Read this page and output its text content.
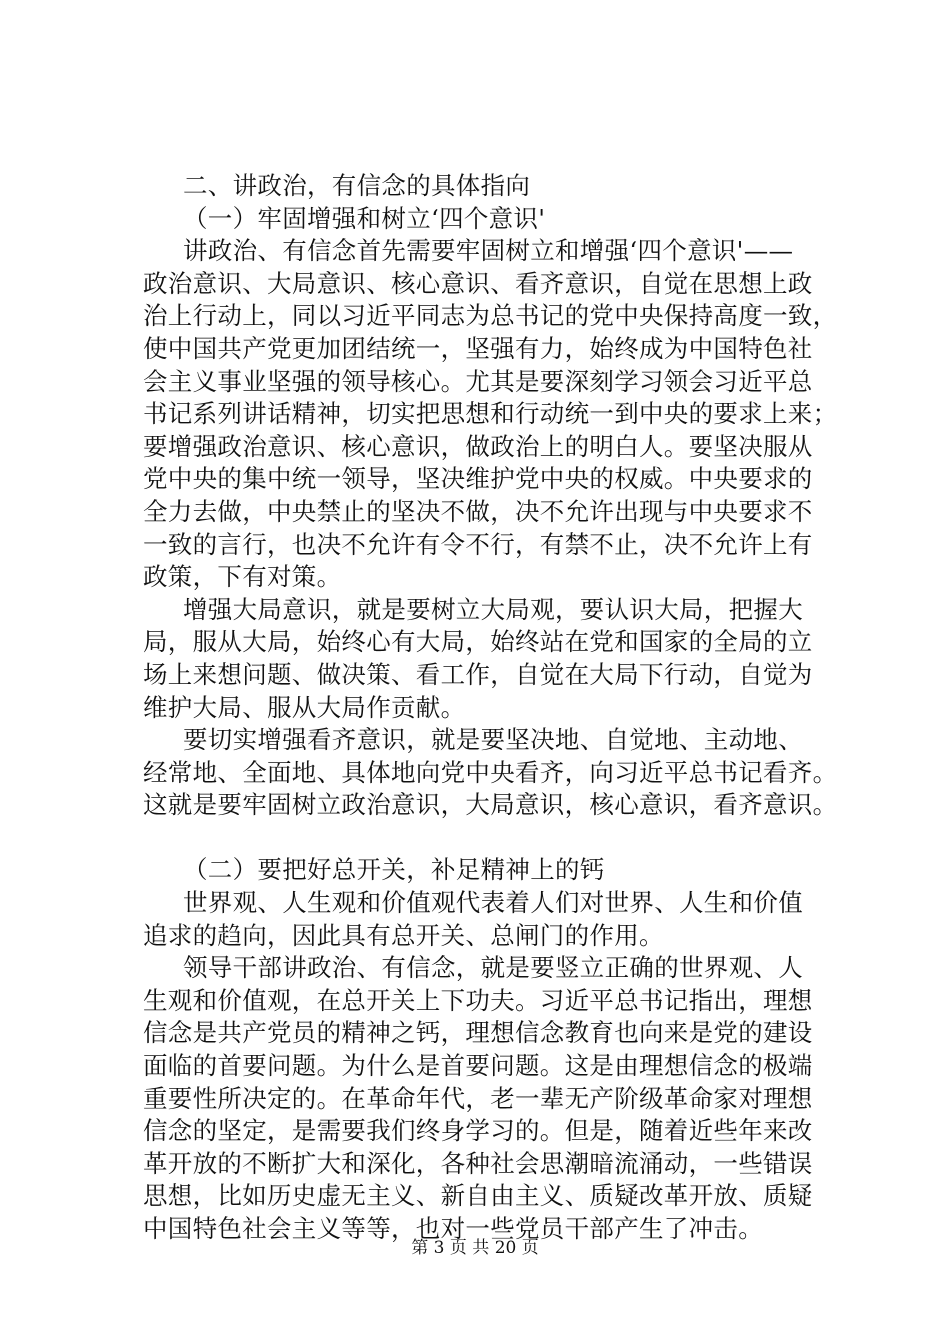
二、讲政治，有信念的具体指向
（一）牢固增强和树立‘四个意识'
讲政治、有信念首先需要牢固树立和增强‘四个意识'——
政治意识、大局意识、核心意识、看齐意识，自觉在思想上政
治上行动上，同以习近平同志为总书记的党中央保持高度一致，
使中国共产党更加团结统一，坚强有力，始终成为中国特色社
会主义事业坚强的领导核心。尤其是要深刻学习领会习近平总
书记系列讲话精神，切实把思想和行动统一到中央的要求上来；
要增强政治意识、核心意识，做政治上的明白人。要坚决服从
党中央的集中统一领导，坚决维护党中央的权威。中央要求的
全力去做，中央禁止的坚决不做，决不允许出现与中央要求不
一致的言行，也决不允许有令不行，有禁不止，决不允许上有
政策，下有对策。
增强大局意识，就是要树立大局观，要认识大局，把握大
局，服从大局，始终心有大局，始终站在党和国家的全局的立
场上来想问题、做决策、看工作，自觉在大局下行动，自觉为
维护大局、服从大局作贡献。
要切实增强看齐意识，就是要坚决地、自觉地、主动地、
经常地、全面地、具体地向党中央看齐，向习近平总书记看齐。
这就是要牢固树立政治意识，大局意识，核心意识，看齐意识。
（二）要把好总开关，补足精神上的钙
世界观、人生观和价值观代表着人们对世界、人生和价值
追求的趋向，因此具有总开关、总闸门的作用。
领导干部讲政治、有信念，就是要竖立正确的世界观、人
生观和价值观，在总开关上下功夫。习近平总书记指出，理想
信念是共产党员的精神之钙，理想信念教育也向来是党的建设
面临的首要问题。为什么是首要问题。这是由理想信念的极端
重要性所决定的。在革命年代，老一辈无产阶级革命家对理想
信念的坚定，是需要我们终身学习的。但是，随着近些年来改
革开放的不断扩大和深化，各种社会思潮暗流涌动，一些错误
思想，比如历史虚无主义、新自由主义、质疑改革开放、质疑
中国特色社会主义等等，也对一些党员干部产生了冲击。
第 3 页 共 20 页
